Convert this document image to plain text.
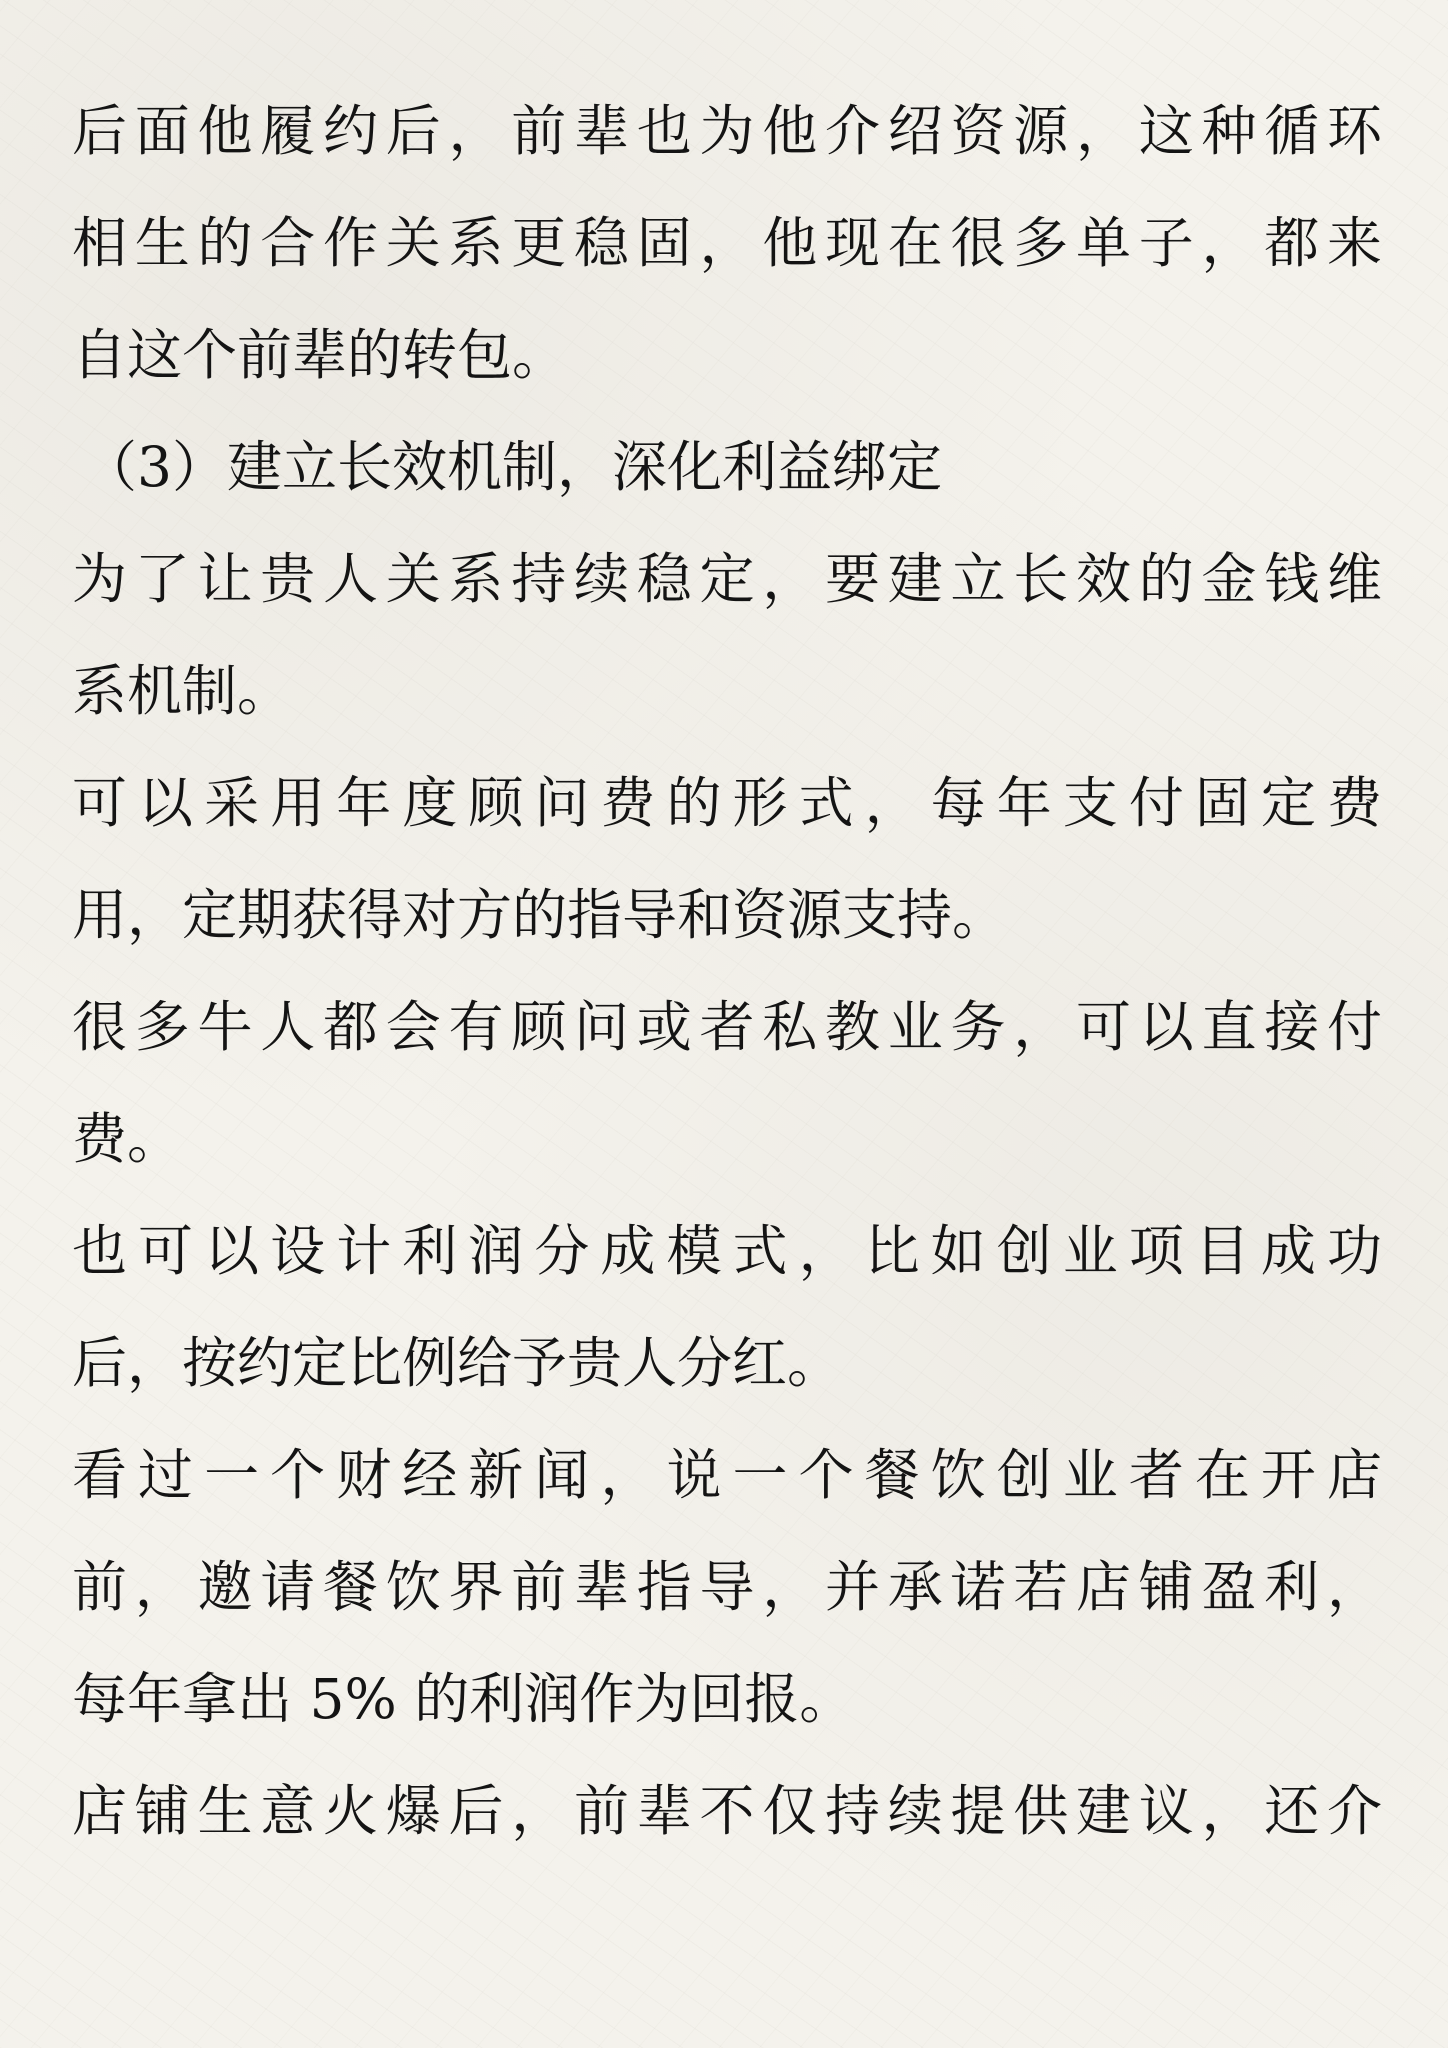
后面他履约后，前辈也为他介绍资源，这种循环
相生的合作关系更稳固，他现在很多单子，都来
自这个前辈的转包。
（3）建立长效机制，深化利益绑定
为了让贵人关系持续稳定，要建立长效的金钱维
系机制。
可以采用年度顾问费的形式，每年支付固定费
用，定期获得对方的指导和资源支持。
很多牛人都会有顾问或者私教业务，可以直接付
费。
也可以设计利润分成模式，比如创业项目成功
后，按约定比例给予贵人分红。
看过一个财经新闻，说一个餐饮创业者在开店
前，邀请餐饮界前辈指导，并承诺若店铺盈利，
每年拿出 5% 的利润作为回报。
店铺生意火爆后，前辈不仅持续提供建议，还介
